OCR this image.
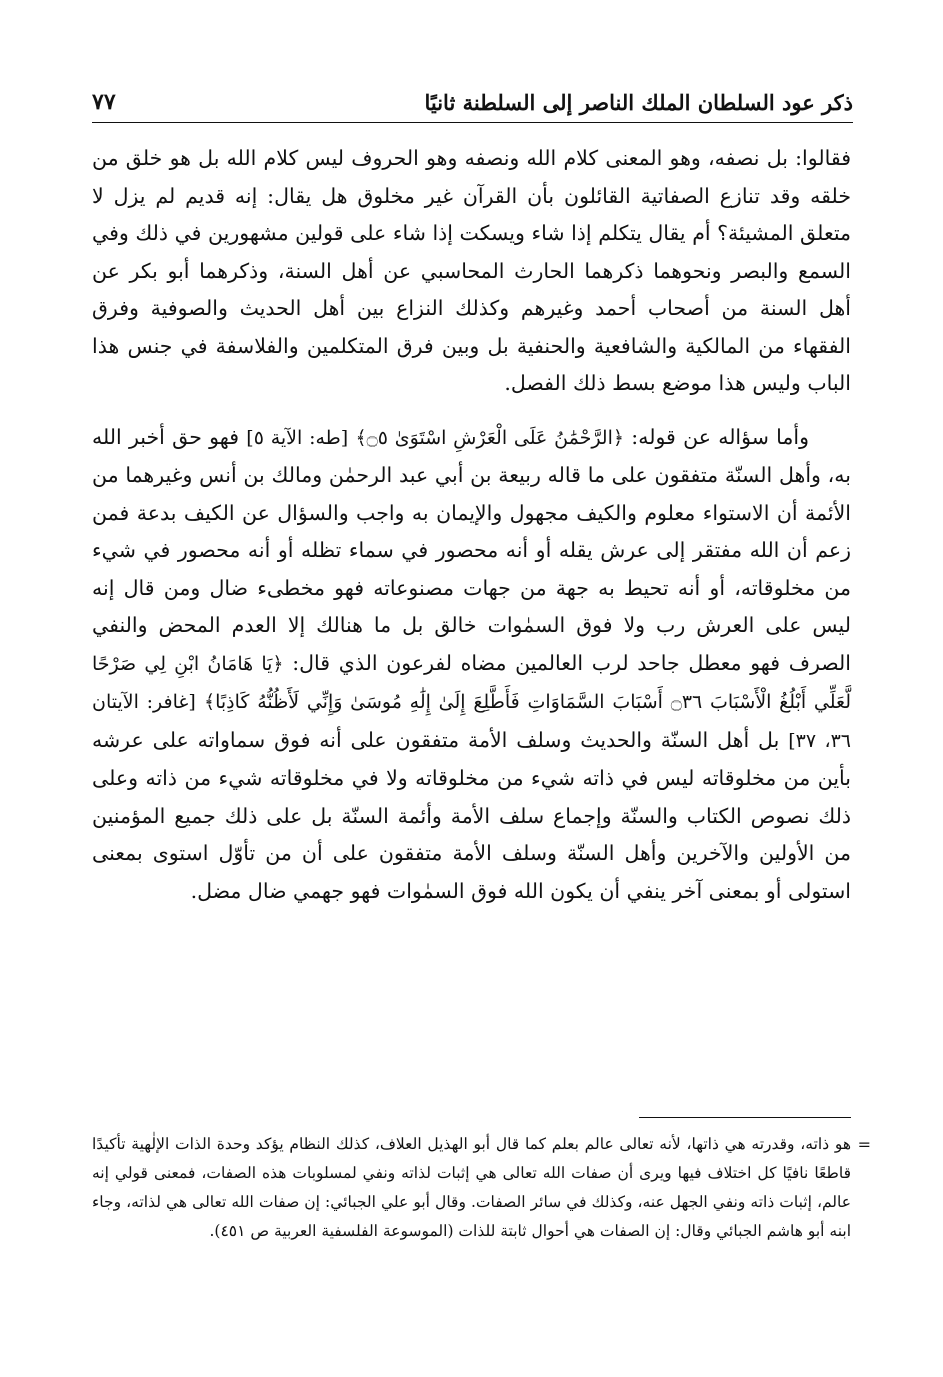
ذكر عود السلطان الملك الناصر إلى السلطنة ثانيًا
٧٧

فقالوا: بل نصفه، وهو المعنى كلام الله ونصفه وهو الحروف ليس كلام الله بل هو خلق من خلقه وقد تنازع الصفاتية القائلون بأن القرآن غير مخلوق هل يقال: إنه قديم لم يزل لا متعلق المشيئة؟ أم يقال يتكلم إذا شاء ويسكت إذا شاء على قولين مشهورين في ذلك وفي السمع والبصر ونحوهما ذكرهما الحارث المحاسبي عن أهل السنة، وذكرهما أبو بكر عن أهل السنة من أصحاب أحمد وغيرهم وكذلك النزاع بين أهل الحديث والصوفية وفرق الفقهاء من المالكية والشافعية والحنفية بل وبين فرق المتكلمين والفلاسفة في جنس هذا الباب وليس هذا موضع بسط ذلك الفصل.

وأما سؤاله عن قوله: ﴿الرَّحْمَٰنُ عَلَى الْعَرْشِ اسْتَوَىٰ ۝٥﴾ [طه: الآية ٥] فهو حق أخبر الله به، وأهل السنّة متفقون على ما قاله ربيعة بن أبي عبد الرحمٰن ومالك بن أنس وغيرهما من الأئمة أن الاستواء معلوم والكيف مجهول والإيمان به واجب والسؤال عن الكيف بدعة فمن زعم أن الله مفتقر إلى عرش يقله أو أنه محصور في سماء تظله أو أنه محصور في شيء من مخلوقاته، أو أنه تحيط به جهة من جهات مصنوعاته فهو مخطىء ضال ومن قال إنه ليس على العرش رب ولا فوق السمٰوات خالق بل ما هنالك إلا العدم المحض والنفي الصرف فهو معطل جاحد لرب العالمين مضاه لفرعون الذي قال: ﴿يَا هَامَانُ ابْنِ لِي صَرْحًا لَّعَلِّي أَبْلُغُ الْأَسْبَابَ ۝٣٦ أَسْبَابَ السَّمَاوَاتِ فَأَطَّلِعَ إِلَىٰ إِلَٰهِ مُوسَىٰ وَإِنِّي لَأَظُنُّهُ كَاذِبًا﴾ [غافر: الآيتان ٣٦، ٣٧] بل أهل السنّة والحديث وسلف الأمة متفقون على أنه فوق سماواته على عرشه بأين من مخلوقاته ليس في ذاته شيء من مخلوقاته ولا في مخلوقاته شيء من ذاته وعلى ذلك نصوص الكتاب والسنّة وإجماع سلف الأمة وأئمة السنّة بل على ذلك جميع المؤمنين من الأولين والآخرين وأهل السنّة وسلف الأمة متفقون على أن من تأوّل استوى بمعنى استولى أو بمعنى آخر ينفي أن يكون الله فوق السمٰوات فهو جهمي ضال مضل.

=
هو ذاته، وقدرته هي ذاتها، لأنه تعالى عالم بعلم كما قال أبو الهذيل العلاف، كذلك النظام يؤكد وحدة الذات الإلٰهية تأكيدًا قاطعًا نافيًا كل اختلاف فيها ويرى أن صفات الله تعالى هي إثبات لذاته ونفي لمسلوبات هذه الصفات، فمعنى قولي إنه عالم، إثبات ذاته ونفي الجهل عنه، وكذلك في سائر الصفات. وقال أبو علي الجبائي: إن صفات الله تعالى هي لذاته، وجاء ابنه أبو هاشم الجبائي وقال: إن الصفات هي أحوال ثابتة للذات (الموسوعة الفلسفية العربية ص ٤٥١).
